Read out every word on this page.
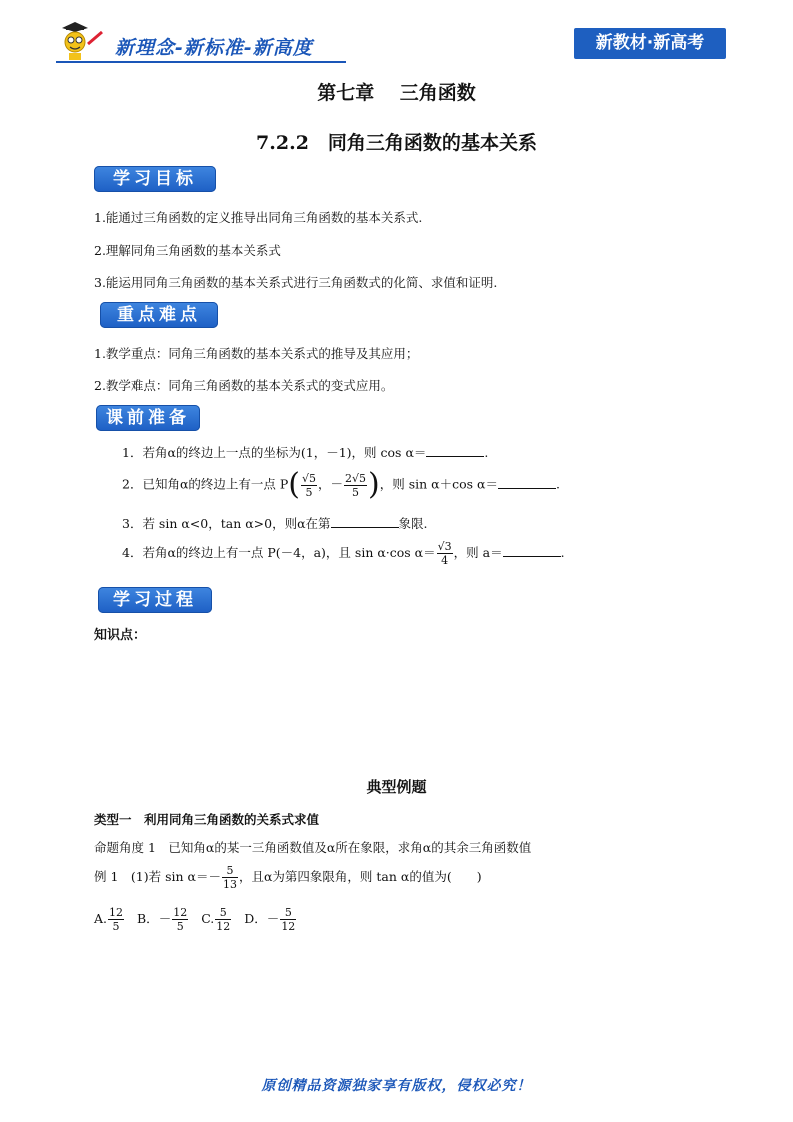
新理念-新标准-新高度	新教材·新高考
第七章　 三角函数
7.2.2　同角三角函数的基本关系
学习目标
1.能通过三角函数的定义推导出同角三角函数的基本关系式.
2.理解同角三角函数的基本关系式
3.能运用同角三角函数的基本关系式进行三角函数式的化简、求值和证明.
重点难点
1.教学重点：同角三角函数的基本关系式的推导及其应用；
2.教学难点：同角三角函数的基本关系式的变式应用。
课前准备
1．若角α的终边上一点的坐标为(1，－1)，则 cos α＝	.
2．已知角α的终边上有一点 $P( \frac{√5}{5}$ ，－ $\frac{2√5}{5}$ )，则 sin α＋cos α＝	.
3．若 sin α<0，tan α>0，则α在第	象限.
4．若角α的终边上有一点 P(－4，a)，且 sin α·cos $\alpha= \frac{√3}{4}$ ，则 a＝	.
学习过程
知识点：
典型例题
类型一　利用同角三角函数的关系式求值
命题角度 1　已知角α的某一三角函数值及α所在象限，求角α的其余三角函数值
例 1　(1)若 $\sin \alpha=- \frac{5}{13}$ ，且α为第四象限角，则 tan α的值为(　　)
A. $\frac{12}{5}$ B．－ $\frac{12}{5} C$. $\frac{5}{12}$ D．－ $\frac{5}{12}$
原创精品资源独家享有版权，侵权必究！
